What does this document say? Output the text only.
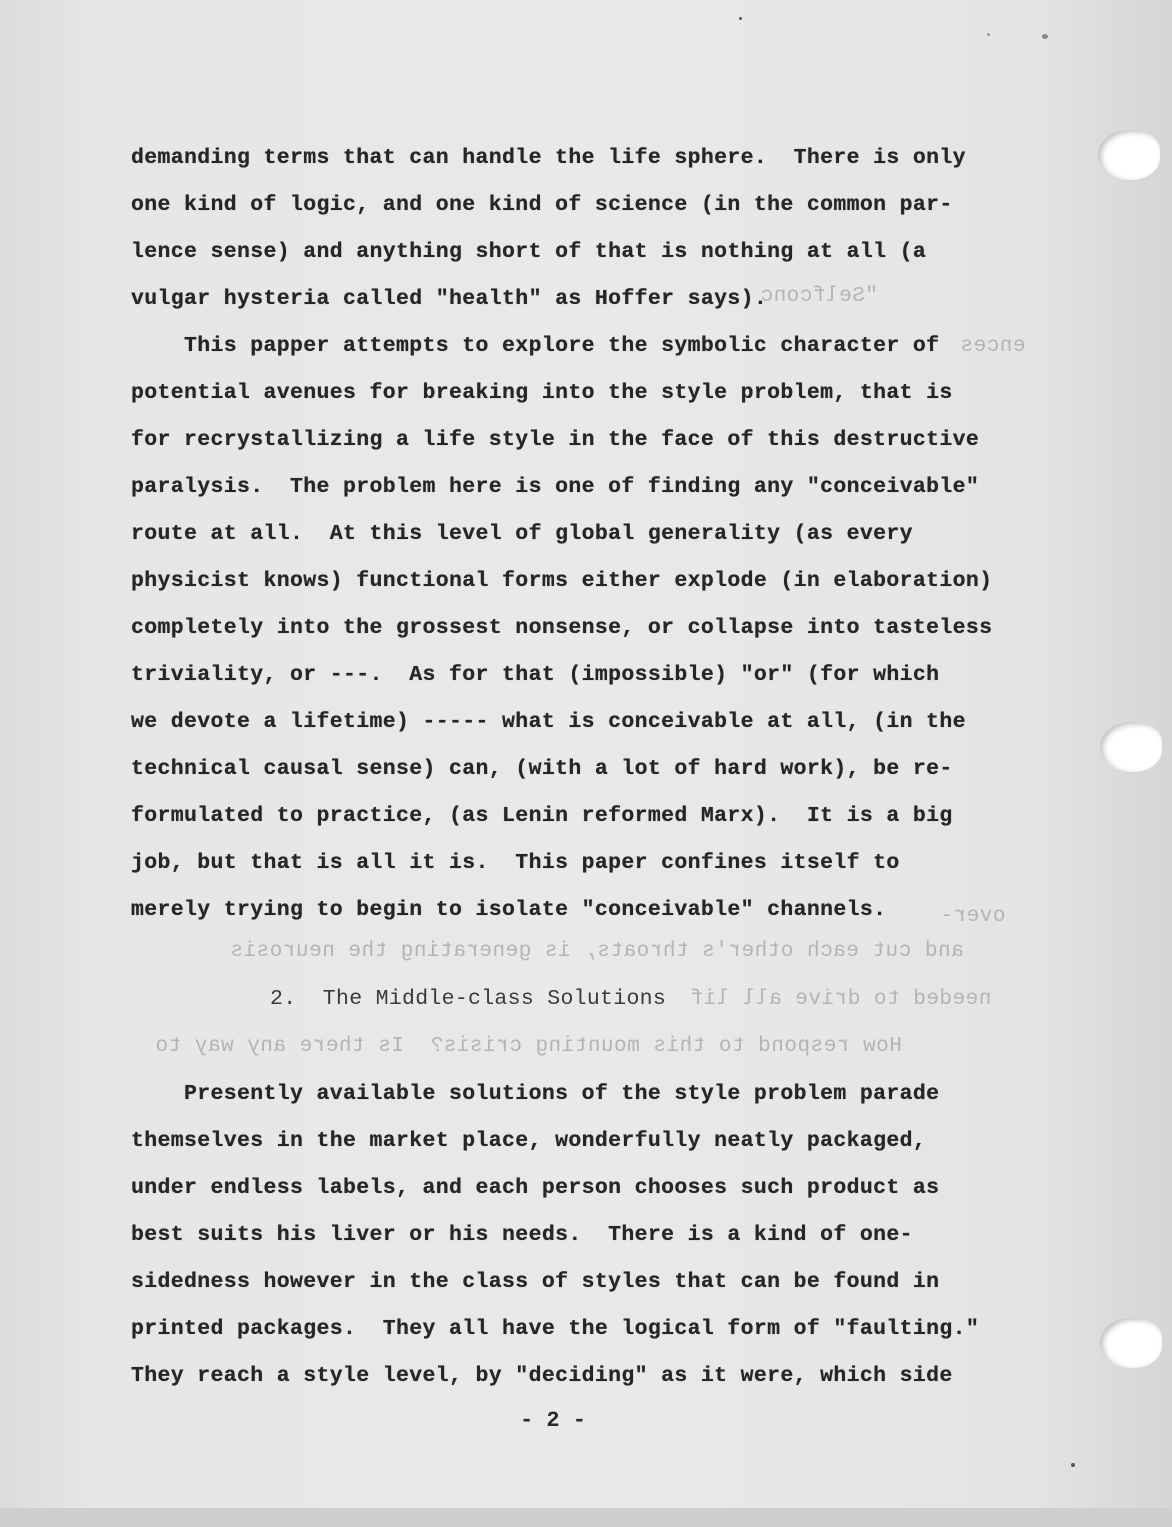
"Selfconc
ences
and cut each other's throats, is generating the neurosis
needed to drive all lif
How respond to this mounting crisis?  Is there any way to
over-
demanding terms that can handle the life sphere.  There is only
one kind of logic, and one kind of science (in the common par-
lence sense) and anything short of that is nothing at all (a
vulgar hysteria called "health" as Hoffer says).
This papper attempts to explore the symbolic character of
potential avenues for breaking into the style problem, that is
for recrystallizing a life style in the face of this destructive
paralysis.  The problem here is one of finding any "conceivable"
route at all.  At this level of global generality (as every
physicist knows) functional forms either explode (in elaboration)
completely into the grossest nonsense, or collapse into tasteless
triviality, or ---.  As for that (impossible) "or" (for which
we devote a lifetime) ----- what is conceivable at all, (in the
technical causal sense) can, (with a lot of hard work), be re-
formulated to practice, (as Lenin reformed Marx).  It is a big
job, but that is all it is.  This paper confines itself to
merely trying to begin to isolate "conceivable" channels.
2.  The Middle-class Solutions
Presently available solutions of the style problem parade
themselves in the market place, wonderfully neatly packaged,
under endless labels, and each person chooses such product as
best suits his liver or his needs.  There is a kind of one-
sidedness however in the class of styles that can be found in
printed packages.  They all have the logical form of "faulting."
They reach a style level, by "deciding" as it were, which side
- 2 -
